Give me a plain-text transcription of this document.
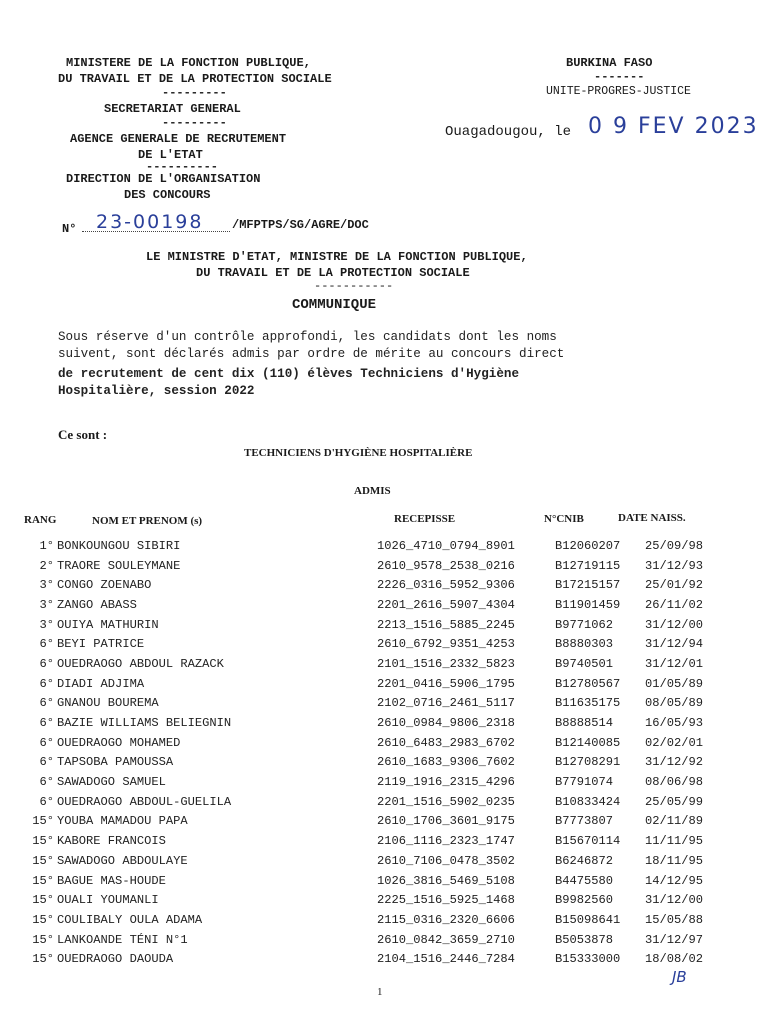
MINISTERE DE LA FONCTION PUBLIQUE,
DU TRAVAIL ET DE LA PROTECTION SOCIALE
---------
SECRETARIAT GENERAL
---------
AGENCE GENERALE DE RECRUTEMENT
DE L'ETAT
----------
DIRECTION DE L'ORGANISATION
DES CONCOURS
BURKINA FASO
-------
UNITE-PROGRES-JUSTICE
Ouagadougou, le 0 9 FEV 2023
N° 23-00198 /MFPTPS/SG/AGRE/DOC
LE MINISTRE D'ETAT, MINISTRE DE LA FONCTION PUBLIQUE,
DU TRAVAIL ET DE LA PROTECTION SOCIALE
-----------
COMMUNIQUE
Sous réserve d'un contrôle approfondi, les candidats dont les noms
suivent, sont déclarés admis par ordre de mérite au concours direct
de recrutement de cent dix (110) élèves Techniciens d'Hygiène
Hospitalière, session 2022
Ce sont :
TECHNICIENS D'HYGIÈNE HOSPITALIÈRE
ADMIS
RANG	NOM ET PRENOM (s)	RECEPISSE	N°CNIB	DATE NAISS.
1°	BONKOUNGOU SIBIRI	1026_4710_0794_8901	B12060207	25/09/98
2°	TRAORE SOULEYMANE	2610_9578_2538_0216	B12719115	31/12/93
3°	CONGO ZOENABO	2226_0316_5952_9306	B17215157	25/01/92
3°	ZANGO ABASS	2201_2616_5907_4304	B11901459	26/11/02
3°	OUIYA MATHURIN	2213_1516_5885_2245	B9771062	31/12/00
6°	BEYI PATRICE	2610_6792_9351_4253	B8880303	31/12/94
6°	OUEDRAOGO ABDOUL RAZACK	2101_1516_2332_5823	B9740501	31/12/01
6°	DIADI ADJIMA	2201_0416_5906_1795	B12780567	01/05/89
6°	GNANOU BOUREMA	2102_0716_2461_5117	B11635175	08/05/89
6°	BAZIE WILLIAMS BELIEGNIN	2610_0984_9806_2318	B8888514	16/05/93
6°	OUEDRAOGO MOHAMED	2610_6483_2983_6702	B12140085	02/02/01
6°	TAPSOBA PAMOUSSA	2610_1683_9306_7602	B12708291	31/12/92
6°	SAWADOGO SAMUEL	2119_1916_2315_4296	B7791074	08/06/98
6°	OUEDRAOGO ABDOUL-GUELILA	2201_1516_5902_0235	B10833424	25/05/99
15°	YOUBA MAMADOU PAPA	2610_1706_3601_9175	B7773807	02/11/89
15°	KABORE FRANCOIS	2106_1116_2323_1747	B15670114	11/11/95
15°	SAWADOGO ABDOULAYE	2610_7106_0478_3502	B6246872	18/11/95
15°	BAGUE MAS-HOUDE	1026_3816_5469_5108	B4475580	14/12/95
15°	OUALI YOUMANLI	2225_1516_5925_1468	B9982560	31/12/00
15°	COULIBALY OULA ADAMA	2115_0316_2320_6606	B15098641	15/05/88
15°	LANKOANDE TÉNI N°1	2610_0842_3659_2710	B5053878	31/12/97
15°	OUEDRAOGO DAOUDA	2104_1516_2446_7284	B15333000	18/08/02
1
JB
